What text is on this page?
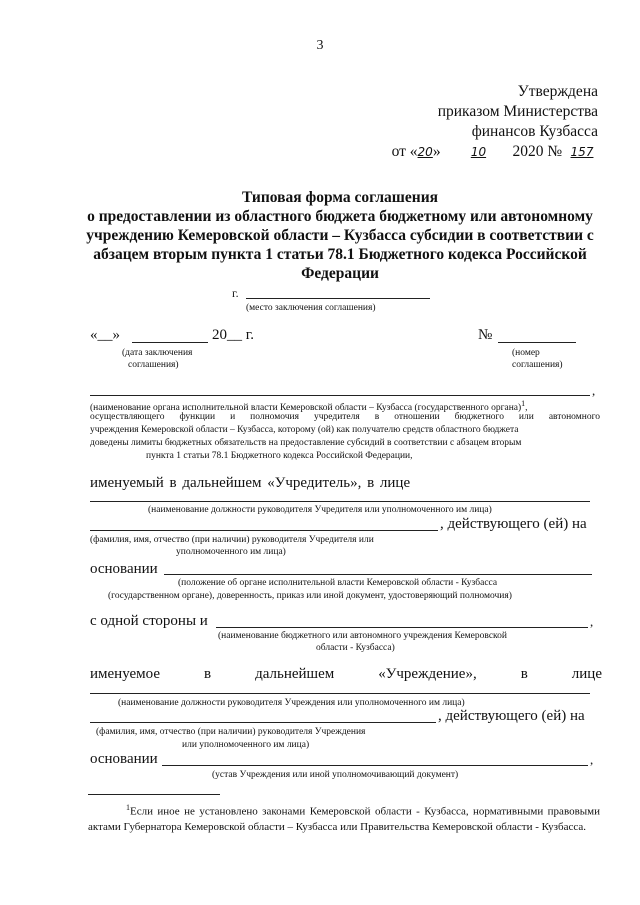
3
Утверждена
приказом Министерства
финансов Кузбасса
от «20» 10 2020 № 157
Типовая форма соглашения
о предоставлении из областного бюджета бюджетному или автономному
учреждению Кемеровской области – Кузбасса субсидии в соответствии с
абзацем вторым пункта 1 статьи 78.1 Бюджетного кодекса Российской
Федерации
г.
(место заключения соглашения)
«__»	20__ г.
(дата заключения
соглашения)
№
(номер
соглашения)
,
(наименование органа исполнительной власти Кемеровской области – Кузбасса (государственного органа)$^1$,
осуществляющего функции и полномочия учредителя в отношении бюджетного или автономного
учреждения Кемеровской области – Кузбасса, которому (ой) как получателю средств областного бюджета
доведены лимиты бюджетных обязательств на предоставление субсидий в соответствии с абзацем вторым
пункта 1 статьи 78.1 Бюджетного кодекса Российской Федерации,
именуемый в дальнейшем «Учредитель», в лице
(наименование должности руководителя Учредителя или уполномоченного им лица)
, действующего (ей) на
(фамилия, имя, отчество (при наличии) руководителя Учредителя или
уполномоченного им лица)
основании
(положение об органе исполнительной власти Кемеровской области - Кузбасса
(государственном органе), доверенность, приказ или иной документ, удостоверяющий полномочия)
с одной стороны и	,
(наименование бюджетного или автономного учреждения Кемеровской
области - Кузбасса)
именуемое в дальнейшем «Учреждение», в лице
(наименование должности руководителя Учреждения или уполномоченного им лица)
, действующего (ей) на
(фамилия, имя, отчество (при наличии) руководителя Учреждения
или уполномоченного им лица)
основании	,
(устав Учреждения или иной уполномочивающий документ)
$^1$Если иное не установлено законами Кемеровской области - Кузбасса, нормативными правовыми актами Губернатора Кемеровской области – Кузбасса или Правительства Кемеровской области - Кузбасса.
